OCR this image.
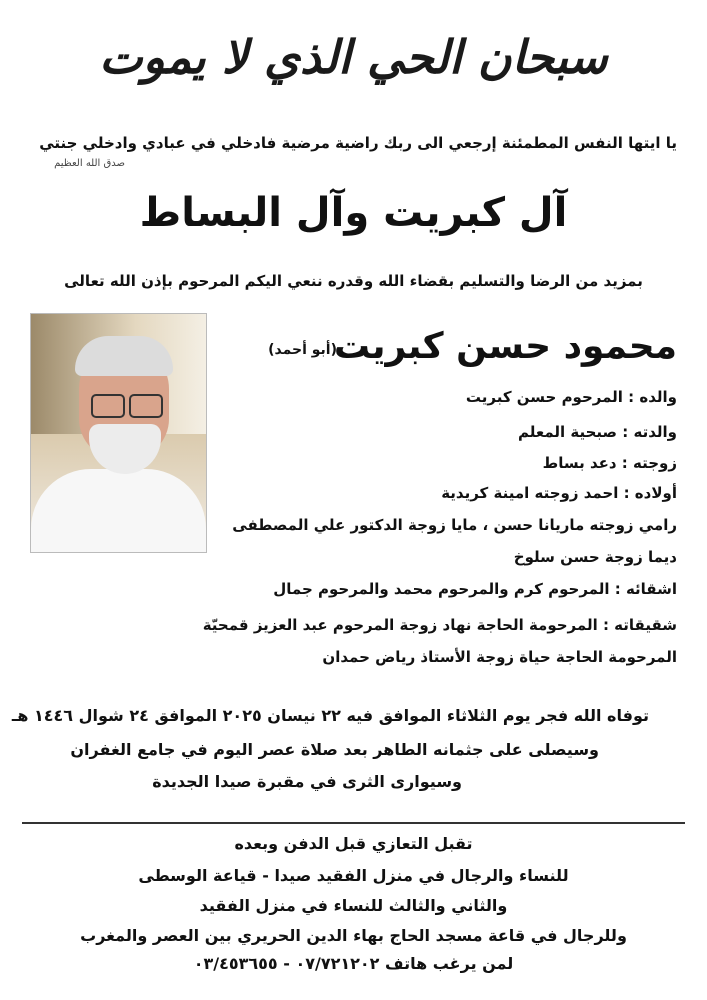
سبحان الحي الذي لا يموت
يا ايتها النفس المطمئنة إرجعي الى ربك راضية مرضية فادخلي في عبادي وادخلي جنتي
صدق الله العظيم
آل كبريت وآل البساط
بمزيد من الرضا والتسليم بقضاء الله وقدره ننعي اليكم المرحوم بإذن الله تعالى
محمود حسن كبريت
(أبو أحمد)
والده : المرحوم حسن كبريت
والدته : صبحية المعلم
زوجته : دعد بساط
أولاده : احمد زوجته امينة كريدية
رامي زوجته ماريانا حسن ، مايا زوجة الدكتور علي المصطفى
ديما زوجة حسن سلوخ
اشقائه : المرحوم كرم والمرحوم محمد والمرحوم جمال
شقيقاته : المرحومة الحاجة نهاد زوجة المرحوم عبد العزيز قمحيّة
المرحومة الحاجة حياة زوجة الأستاذ رياض حمدان
توفاه الله فجر يوم الثلاثاء الموافق فيه ٢٢ نيسان ٢٠٢٥ الموافق ٢٤ شوال ١٤٤٦ هـ
وسيصلى على جثمانه الطاهر بعد صلاة عصر اليوم في جامع الغفران
وسيوارى الثرى في مقبرة صيدا الجديدة
تقبل التعازي قبل الدفن وبعده
للنساء والرجال في منزل الفقيد صيدا - قياعة الوسطى
والثاني والثالث للنساء في منزل الفقيد
وللرجال في قاعة مسجد الحاج بهاء الدين الحريري بين العصر والمغرب
لمن يرغب هاتف ٠٧/٧٢١٢٠٢ - ٠٣/٤٥٣٦٥٥
